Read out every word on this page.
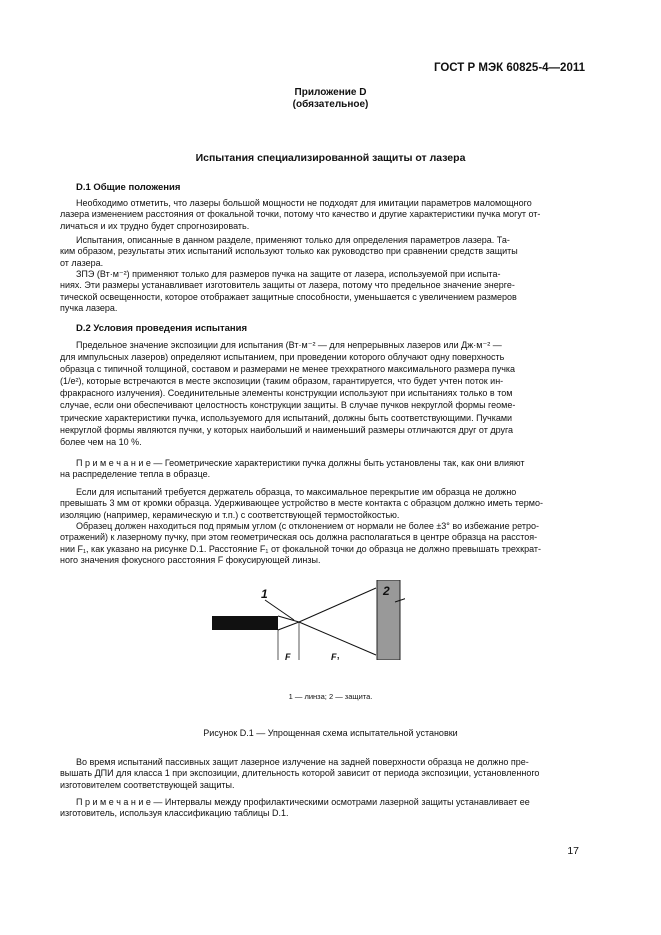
ГОСТ Р МЭК 60825-4—2011
Приложение D
(обязательное)
Испытания специализированной защиты от лазера
D.1 Общие положения
Необходимо отметить, что лазеры большой мощности не подходят для имитации параметров маломощного
лазера изменением расстояния от фокальной точки, потому что качество и другие характеристики пучка могут от-
личаться и их трудно будет спрогнозировать.
Испытания, описанные в данном разделе, применяют только для определения параметров лазера. Та-
ким образом, результаты этих испытаний используют только как руководство при сравнении средств защиты
от лазера.
ЗПЭ (Вт·м⁻²) применяют только для размеров пучка на защите от лазера, используемой при испыта-
ниях. Эти размеры устанавливает изготовитель защиты от лазера, потому что предельное значение энерге-
тической освещенности, которое отображает защитные способности, уменьшается с увеличением размеров
пучка лазера.
D.2 Условия проведения испытания
Предельное значение экспозиции для испытания (Вт·м⁻² — для непрерывных лазеров или Дж·м⁻² —
для импульсных лазеров) определяют испытанием, при проведении которого облучают одну поверхность
образца с типичной толщиной, составом и размерами не менее трехкратного максимального размера пучка
(1/e²), которые встречаются в месте экспозиции (таким образом, гарантируется, что будет учтен поток ин-
фракрасного излучения). Соединительные элементы конструкции используют при испытаниях только в том
случае, если они обеспечивают целостность конструкции защиты. В случае пучков некруглой формы геоме-
трические характеристики пучка, используемого для испытаний, должны быть соответствующими. Пучками
некруглой формы являются пучки, у которых наибольший и наименьший размеры отличаются друг от друга
более чем на 10 %.
П р и м е ч а н и е — Геометрические характеристики пучка должны быть установлены так, как они влияют
на распределение тепла в образце.
Если для испытаний требуется держатель образца, то максимальное перекрытие им образца не должно
превышать 3 мм от кромки образца. Удерживающее устройство в месте контакта с образцом должно иметь термо-
изоляцию (например, керамическую и т.п.) с соответствующей термостойкостью.
Образец должен находиться под прямым углом (с отклонением от нормали не более ±3° во избежание ретро-
отражений) к лазерному пучку, при этом геометрическая ось должна располагаться в центре образца на расстоя-
нии F₁, как указано на рисунке D.1. Расстояние F₁ от фокальной точки до образца не должно превышать трехкрат-
ного значения фокусного расстояния F фокусирующей линзы.
1	2
F	F₁
1 — линза; 2 — защита.
Рисунок D.1 — Упрощенная схема испытательной установки
Во время испытаний пассивных защит лазерное излучение на задней поверхности образца не должно пре-
вышать ДПИ для класса 1 при экспозиции, длительность которой зависит от периода экспозиции, установленного
изготовителем соответствующей защиты.
П р и м е ч а н и е — Интервалы между профилактическими осмотрами лазерной защиты устанавливает ее
изготовитель, используя классификацию таблицы D.1.
17
